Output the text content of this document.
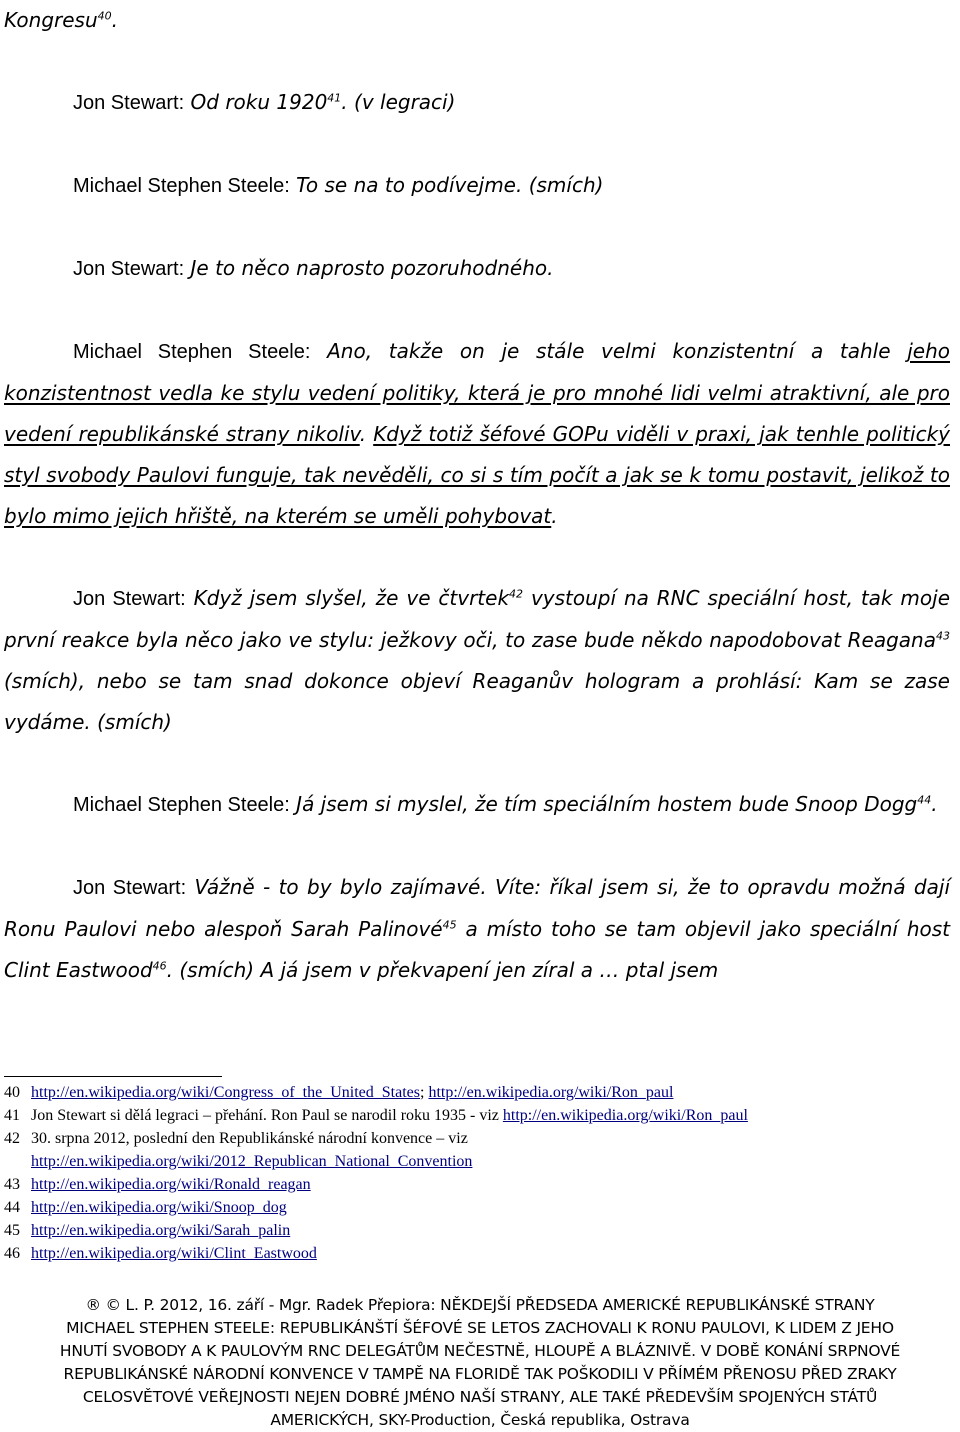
Kongresu$^{40}$.

Jon Stewart: Od roku 1920$^{41}$. (v legraci)

Michael Stephen Steele: To se na to podívejme. (smích)

Jon Stewart: Je to něco naprosto pozoruhodného.

Michael Stephen Steele: Ano, takže on je stále velmi konzistentní a tahle jeho konzistentnost vedla ke stylu vedení politiky, která je pro mnohé lidi velmi atraktivní, ale pro vedení republikánské strany nikoliv. Když totiž šéfové GOPu viděli v praxi, jak tenhle politický styl svobody Paulovi funguje, tak nevěděli, co si s tím počít a jak se k tomu postavit, jelikož to bylo mimo jejich hřiště, na kterém se uměli pohybovat.

Jon Stewart: Když jsem slyšel, že ve čtvrtek$^{42}$ vystoupí na RNC speciální host, tak moje první reakce byla něco jako ve stylu: ježkovy oči, to zase bude někdo napodobovat Reagana$^{43}$ (smích), nebo se tam snad dokonce objeví Reaganův hologram a prohlásí: Kam se zase vydáme. (smích)

Michael Stephen Steele: Já jsem si myslel, že tím speciálním hostem bude Snoop Dogg$^{44}$.

Jon Stewart: Vážně - to by bylo zajímavé. Víte: říkal jsem si, že to opravdu možná dají Ronu Paulovi nebo alespoň Sarah Palinové$^{45}$ a místo toho se tam objevil jako speciální host Clint Eastwood$^{46}$. (smích) A já jsem v překvapení jen zíral a … ptal jsem

40 http://en.wikipedia.org/wiki/Congress_of_the_United_States; http://en.wikipedia.org/wiki/Ron_paul
41 Jon Stewart si dělá legraci – přehání. Ron Paul se narodil roku 1935 - viz http://en.wikipedia.org/wiki/Ron_paul
42 30. srpna 2012, poslední den Republikánské národní konvence – viz
http://en.wikipedia.org/wiki/2012_Republican_National_Convention
43 http://en.wikipedia.org/wiki/Ronald_reagan
44 http://en.wikipedia.org/wiki/Snoop_dog
45 http://en.wikipedia.org/wiki/Sarah_palin
46 http://en.wikipedia.org/wiki/Clint_Eastwood

® © L. P. 2012, 16. září - Mgr. Radek Přepiora: NĚKDEJŠÍ PŘEDSEDA AMERICKÉ REPUBLIKÁNSKÉ STRANY

MICHAEL STEPHEN STEELE: REPUBLIKÁNŠTÍ ŠÉFOVÉ SE LETOS ZACHOVALI K RONU PAULOVI, K LIDEM Z JEHO

HNUTÍ SVOBODY A K PAULOVÝM RNC DELEGÁTŮM NEČESTNĚ, HLOUPĚ A BLÁZNIVĚ. V DOBĚ KONÁNÍ SRPNOVÉ

REPUBLIKÁNSKÉ NÁRODNÍ KONVENCE V TAMPĚ NA FLORIDĚ TAK POŠKODILI V PŘÍMÉM PŘENOSU PŘED ZRAKY

CELOSVĚTOVÉ VEŘEJNOSTI NEJEN DOBRÉ JMÉNO NAŠÍ STRANY, ALE TAKÉ PŘEDEVŠÍM SPOJENÝCH STÁTŮ

AMERICKÝCH, SKY-Production, Česká republika, Ostrava
